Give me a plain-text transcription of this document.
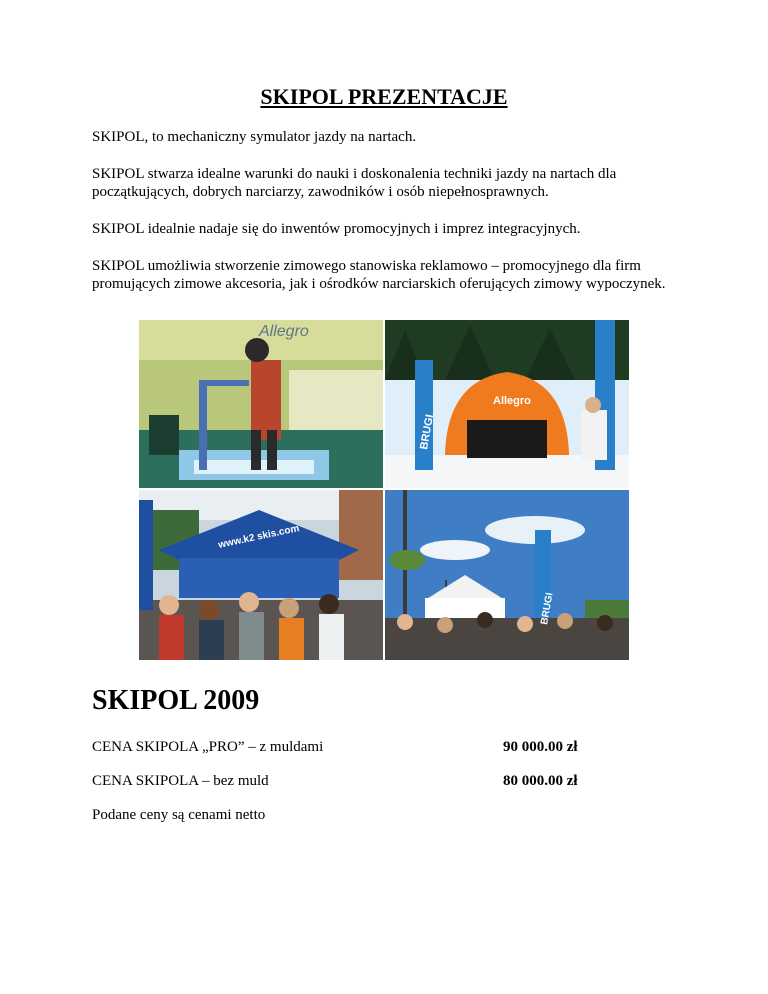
SKIPOL PREZENTACJE

SKIPOL, to mechaniczny symulator jazdy na nartach.

SKIPOL stwarza idealne warunki do nauki i doskonalenia techniki jazdy na nartach dla początkujących, dobrych narciarzy, zawodników i osób niepełnosprawnych.

SKIPOL idealnie nadaje się do inwentów promocyjnych i imprez integracyjnych.

SKIPOL umożliwia stworzenie zimowego stanowiska reklamowo – promocyjnego dla firm promujących zimowe akcesoria, jak i ośrodków narciarskich oferujących zimowy wypoczynek.

Allegro
Allegro
BRUGI
www.k2 skis.com
BRUGI
SKIPOL 2009
CENA SKIPOLA „PRO” – z muldami	90 000.00 zł
CENA SKIPOLA – bez muld	80 000.00 zł

Podane ceny są cenami netto
